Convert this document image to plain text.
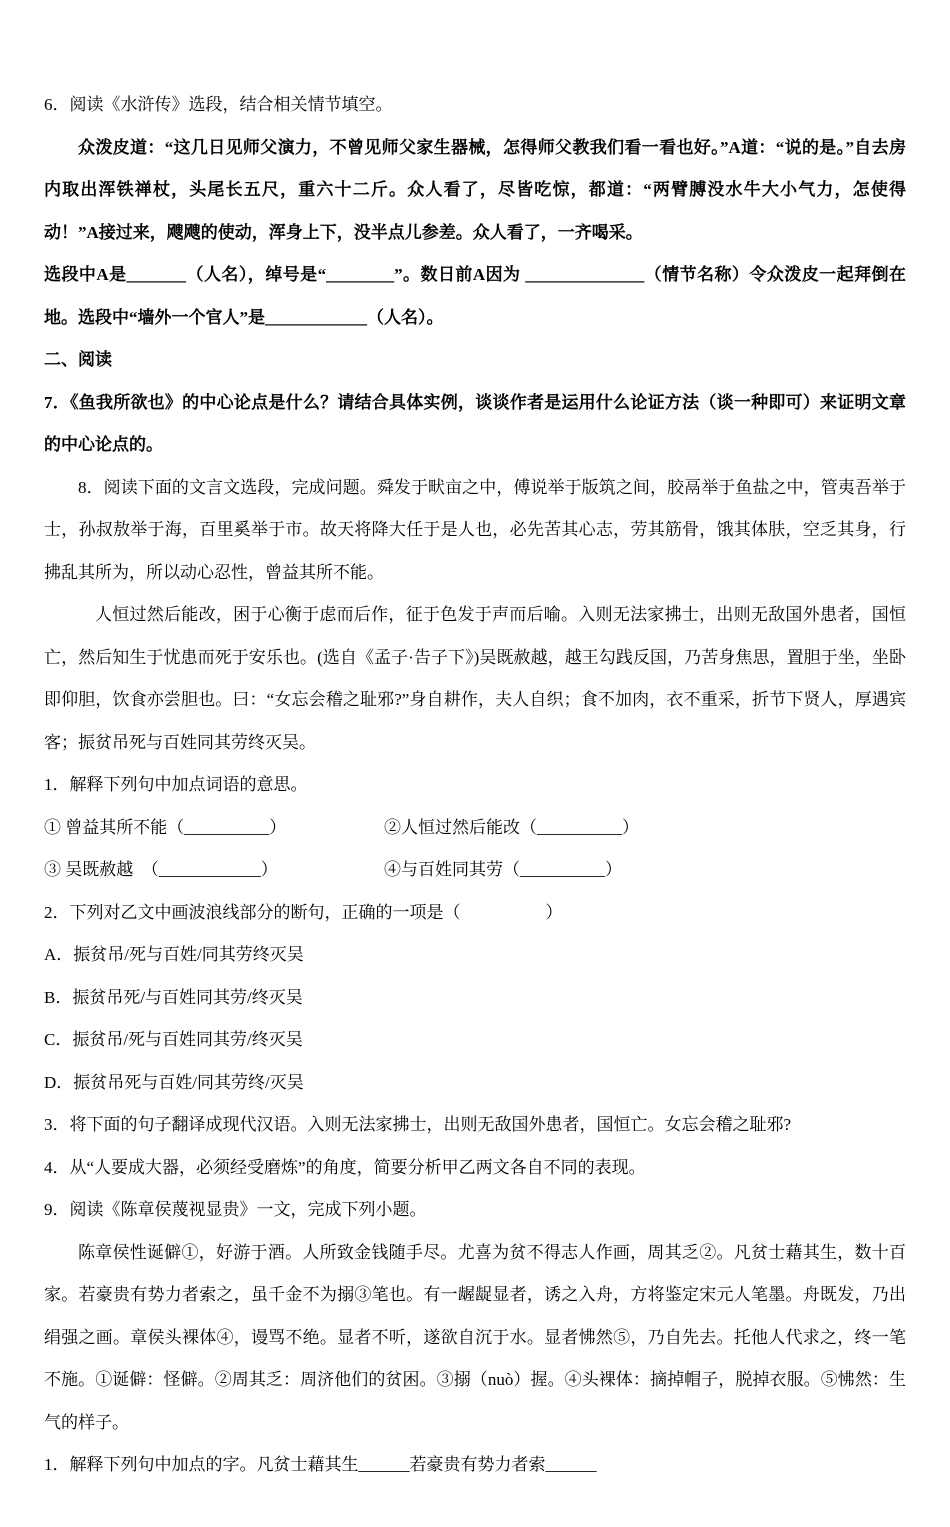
6．阅读《水浒传》选段，结合相关情节填空。

众泼皮道：“这几日见师父演力，不曾见师父家生器械，怎得师父教我们看一看也好。”A道：“说的是。”自去房内取出浑铁禅杖，头尾长五尺，重六十二斤。众人看了，尽皆吃惊，都道：“两臂膊没水牛大小气力，怎使得动！”A接过来，飕飕的使动，浑身上下，没半点儿参差。众人看了，一齐喝采。

选段中A是_______（人名），绰号是“________”。数日前A因为 ______________（情节名称）令众泼皮一起拜倒在地。选段中“墙外一个官人”是____________（人名）。

二、阅读

7．《鱼我所欲也》的中心论点是什么？请结合具体实例，谈谈作者是运用什么论证方法（谈一种即可）来证明文章的中心论点的。

8．阅读下面的文言文选段，完成问题。舜发于畎亩之中，傅说举于版筑之间，胶鬲举于鱼盐之中，管夷吾举于士，孙叔敖举于海，百里奚举于市。故天将降大任于是人也，必先苦其心志，劳其筋骨，饿其体肤，空乏其身，行拂乱其所为，所以动心忍性，曾益其所不能。

人恒过然后能改，困于心衡于虑而后作，征于色发于声而后喻。入则无法家拂士，出则无敌国外患者，国恒亡，然后知生于忧患而死于安乐也。(选自《孟子·告子下》)吴既赦越，越王勾践反国，乃苦身焦思，置胆于坐，坐卧即仰胆，饮食亦尝胆也。曰：“女忘会稽之耻邪?”身自耕作，夫人自织；食不加肉，衣不重采，折节下贤人，厚遇宾客；振贫吊死与百姓同其劳终灭吴。

1．解释下列句中加点词语的意思。

① 曾益其所不能（__________）	②人恒过然后能改（__________）
③ 吴既赦越　（____________）	④与百姓同其劳（__________）

2．下列对乙文中画波浪线部分的断句，正确的一项是（　　　　　）

A．振贫吊/死与百姓/同其劳终灭吴

B．振贫吊死/与百姓同其劳/终灭吴

C．振贫吊/死与百姓同其劳/终灭吴

D．振贫吊死与百姓/同其劳终/灭吴

3．将下面的句子翻译成现代汉语。入则无法家拂士，出则无敌国外患者，国恒亡。女忘会稽之耻邪?

4．从“人要成大器，必须经受磨炼”的角度，简要分析甲乙两文各自不同的表现。

9．阅读《陈章侯蔑视显贵》一文，完成下列小题。

陈章侯性诞僻①，好游于酒。人所致金钱随手尽。尤喜为贫不得志人作画，周其乏②。凡贫士藉其生，数十百家。若豪贵有势力者索之，虽千金不为搦③笔也。有一龌龊显者，诱之入舟，方将鉴定宋元人笔墨。舟既发，乃出绢强之画。章侯头裸体④，谩骂不绝。显者不听，遂欲自沉于水。显者怫然⑤，乃自先去。托他人代求之，终一笔不施。①诞僻：怪僻。②周其乏：周济他们的贫困。③搦（nuò）握。④头裸体：摘掉帽子，脱掉衣服。⑤怫然：生气的样子。

1．解释下列句中加点的字。凡贫士藉其生______若豪贵有势力者索______
